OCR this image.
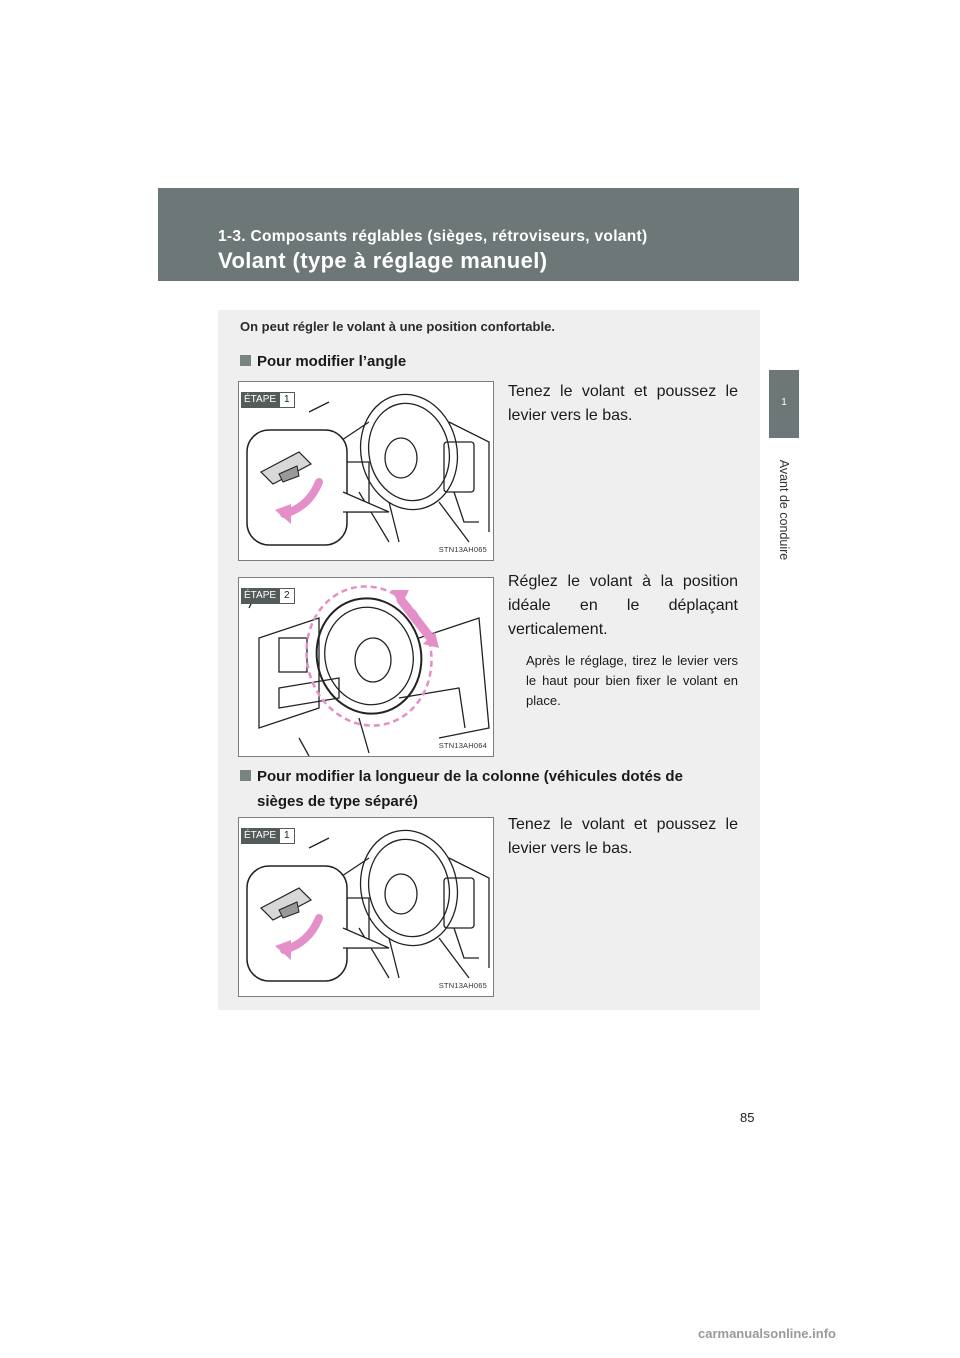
1-3. Composants réglables (sièges, rétroviseurs, volant)
Volant (type à réglage manuel)
1
Avant de conduire
On peut régler le volant à une position confortable.
Pour modifier l’angle
ÉTAPE 1
STN13AH065
Tenez le volant et poussez le levier vers le bas.
ÉTAPE 2
STN13AH064
Réglez le volant à la position idéale en le déplaçant verticalement.
Après le réglage, tirez le levier vers le haut pour bien fixer le volant en place.
Pour modifier la longueur de la colonne (véhicules dotés de
sièges de type séparé)
ÉTAPE 1
STN13AH065
Tenez le volant et poussez le levier vers le bas.
85
carmanualsonline.info
